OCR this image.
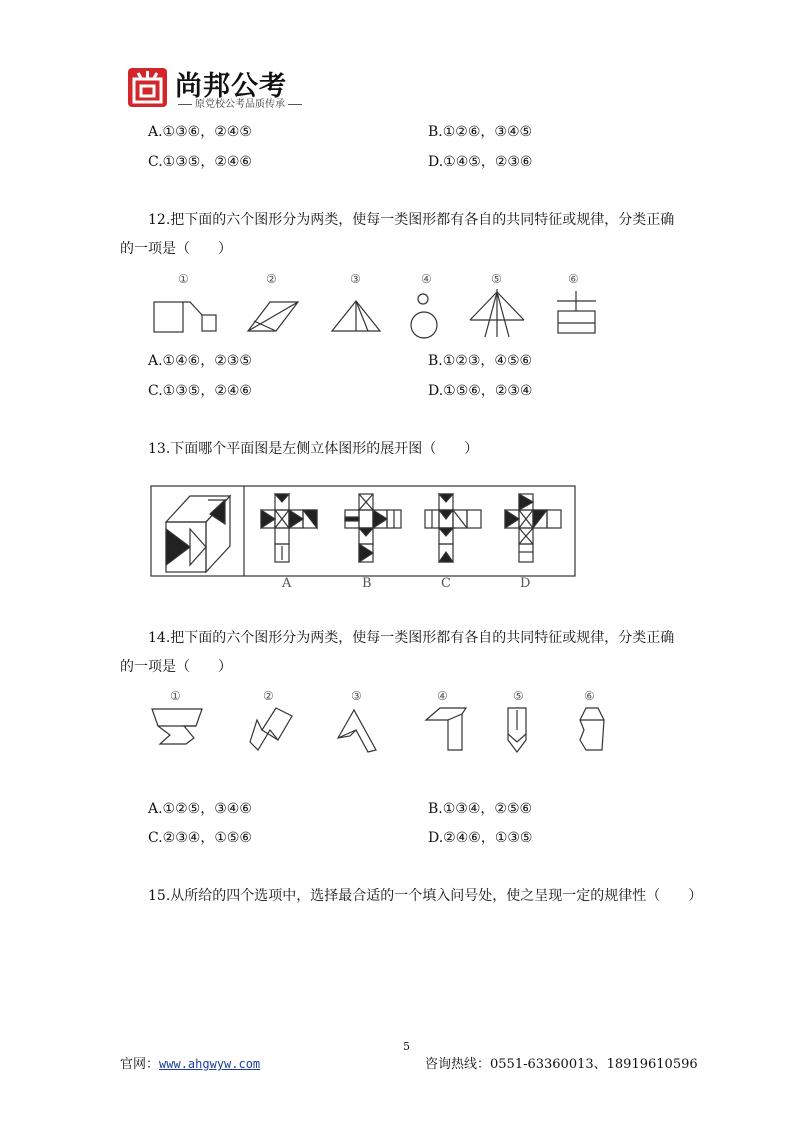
尚邦公考
原党校公考品质传承
A.①③⑥，②④⑤	B.①②⑥，③④⑤
C.①③⑤，②④⑥	D.①④⑤，②③⑥
12.把下面的六个图形分为两类，使每一类图形都有各自的共同特征或规律，分类正确
的一项是（　　）
①	②	③	④	⑤	⑥
A.①④⑥，②③⑤	B.①②③，④⑤⑥
C.①③⑤，②④⑥	D.①⑤⑥，②③④
13.下面哪个平面图是左侧立体图形的展开图（　　）
A	B	C	D
14.把下面的六个图形分为两类，使每一类图形都有各自的共同特征或规律，分类正确
的一项是（　　）
①	②	③	④	⑤	⑥
A.①②⑤，③④⑥	B.①③④，②⑤⑥
C.②③④，①⑤⑥	D.②④⑥，①③⑤
15.从所给的四个选项中，选择最合适的一个填入问号处，使之呈现一定的规律性（　　）
5
官网：www.ahgwyw.com	咨询热线：0551-63360013、18919610596
